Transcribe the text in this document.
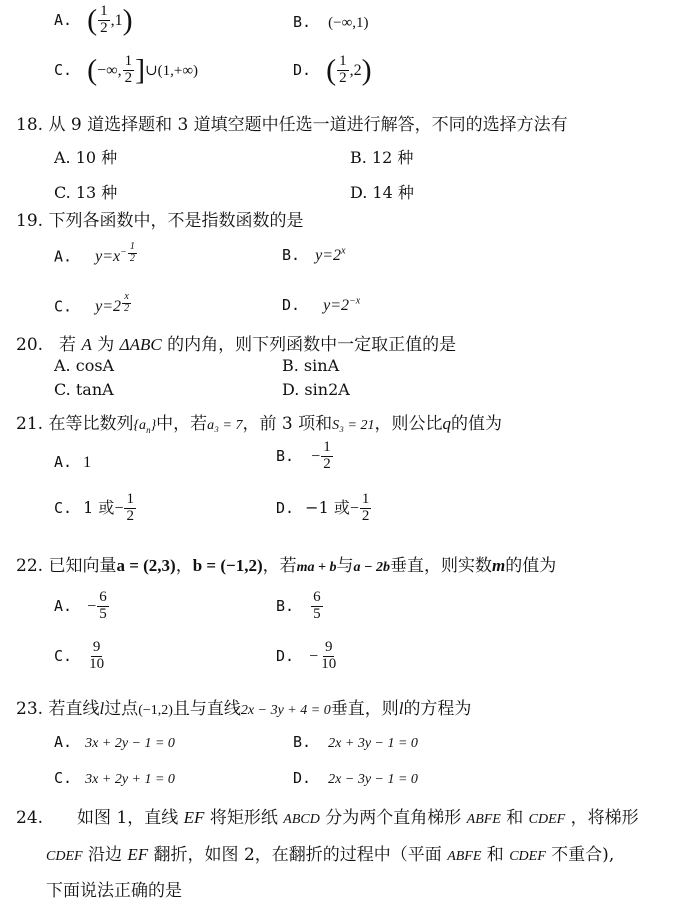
A. ( $\frac{1}{2} ,1$)	B. (−∞,1)
C. (−∞, $\frac{1}{2}$ ]∪(1,+∞)	D. ( $\frac{1}{2} ,2$)
18. 从 9 道选择题和 3 道填空题中任选一道进行解答，不同的选择方法有
A. 10 种	B. 12 种
C. 13 种	D. 14 种
19. 下列各函数中，不是指数函数的是
A. $y=x^{- \frac{1}{2}}$	B. $y=2^x$
C. y=2 $^{\frac{x}{2}}$	D. $y=2^{-x}$
20. 若 A 为 ΔABC 的内角，则下列函数中一定取正值的是
A. cosA	B. sinA
C. tanA	D. sin2A
21. 在等比数列$\{a_n\}$中，若a₃ = 7，前 3 项和S₃ = 21，则公比q的值为
A. 1	B. − $\frac{1}{2}$
C. 1 或− $\frac{1}{2}$	D. −1 或− $\frac{1}{2}$
22. 已知向量a = (2,3)，b = (−1,2)，若ma + b与a − 2b垂直，则实数m的值为
A. − $\frac{6}{5}$	B. $\frac{6}{5}$
C. $\frac{9}{10}$	D. − $\frac{9}{10}$
23. 若直线l过点(−1,2)且与直线2x − 3y + 4 = 0垂直，则l的方程为
A. 3x + 2y − 1 = 0	B. 2x + 3y − 1 = 0
C. 3x + 2y + 1 = 0	D. 2x − 3y − 1 = 0
24. 如图 1，直线 EF 将矩形纸 ABCD 分为两个直角梯形 ABFE 和 CDEF ，将梯形
CDEF 沿边 EF 翻折，如图 2，在翻折的过程中（平面 ABFE 和 CDEF 不重合),
下面说法正确的是
